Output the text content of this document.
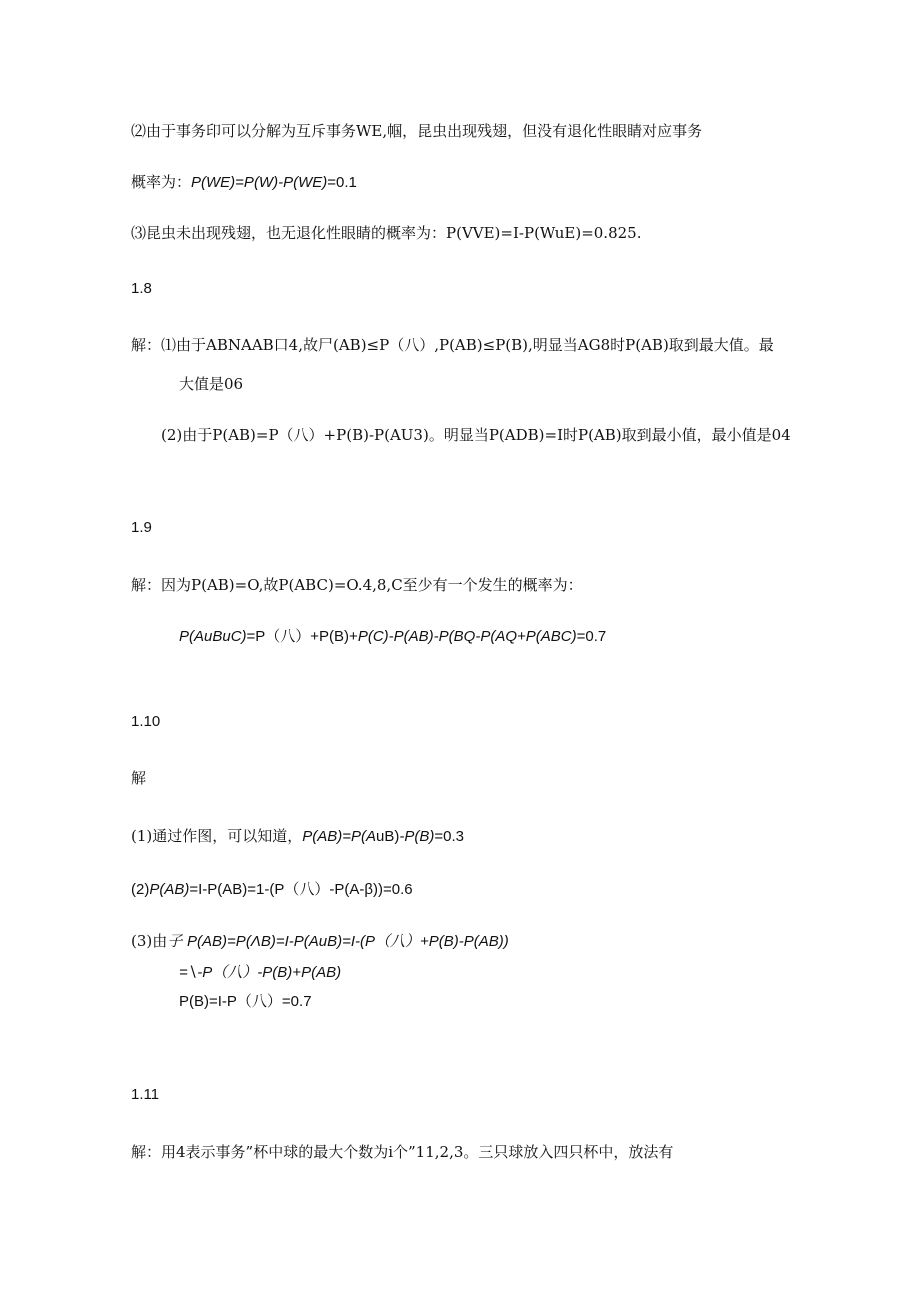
⑵由于事务印可以分解为互斥事务WE,帼，昆虫出现残翅，但没有退化性眼睛对应事务
概率为：P(WE)=P(W)-P(WE)=0.1
⑶昆虫未出现残翅，也无退化性眼睛的概率为：P(VVE)=I-P(WuE)=0.825.
1.8
解：⑴由于ABNAAB口4,故尸(AB)≤P（八）,P(AB)≤P(B),明显当AG8时P(AB)取到最大值。最
大值是06
(2)由于P(AB)=P（八）+P(B)-P(AU3)。明显当P(ADB)=I时P(AB)取到最小值，最小值是04
1.9
解：因为P(AB)=O,故P(ABC)=O.4,8,C至少有一个发生的概率为：
P(AuBuC)=P（八）+P(B)+P(C)-P(AB)-P(BQ-P(AQ+P(ABC)=0.7
1.10
解
(1)通过作图，可以知道，P(AB)=P(AuB)-P(B)=0.3
(2)P(AB)=I-P(AB)=1-(P（八）-P(A-β))=0.6
(3)由子 P(AB)=P(ΛB)=I-P(AuB)=I-(P（八）+P(B)-P(AB))
=∖-P（八）-P(B)+P(AB)
P(B)=I-P（八）=0.7
1.11
解：用4表示事务”杯中球的最大个数为i个”11,2,3。三只球放入四只杯中，放法有
